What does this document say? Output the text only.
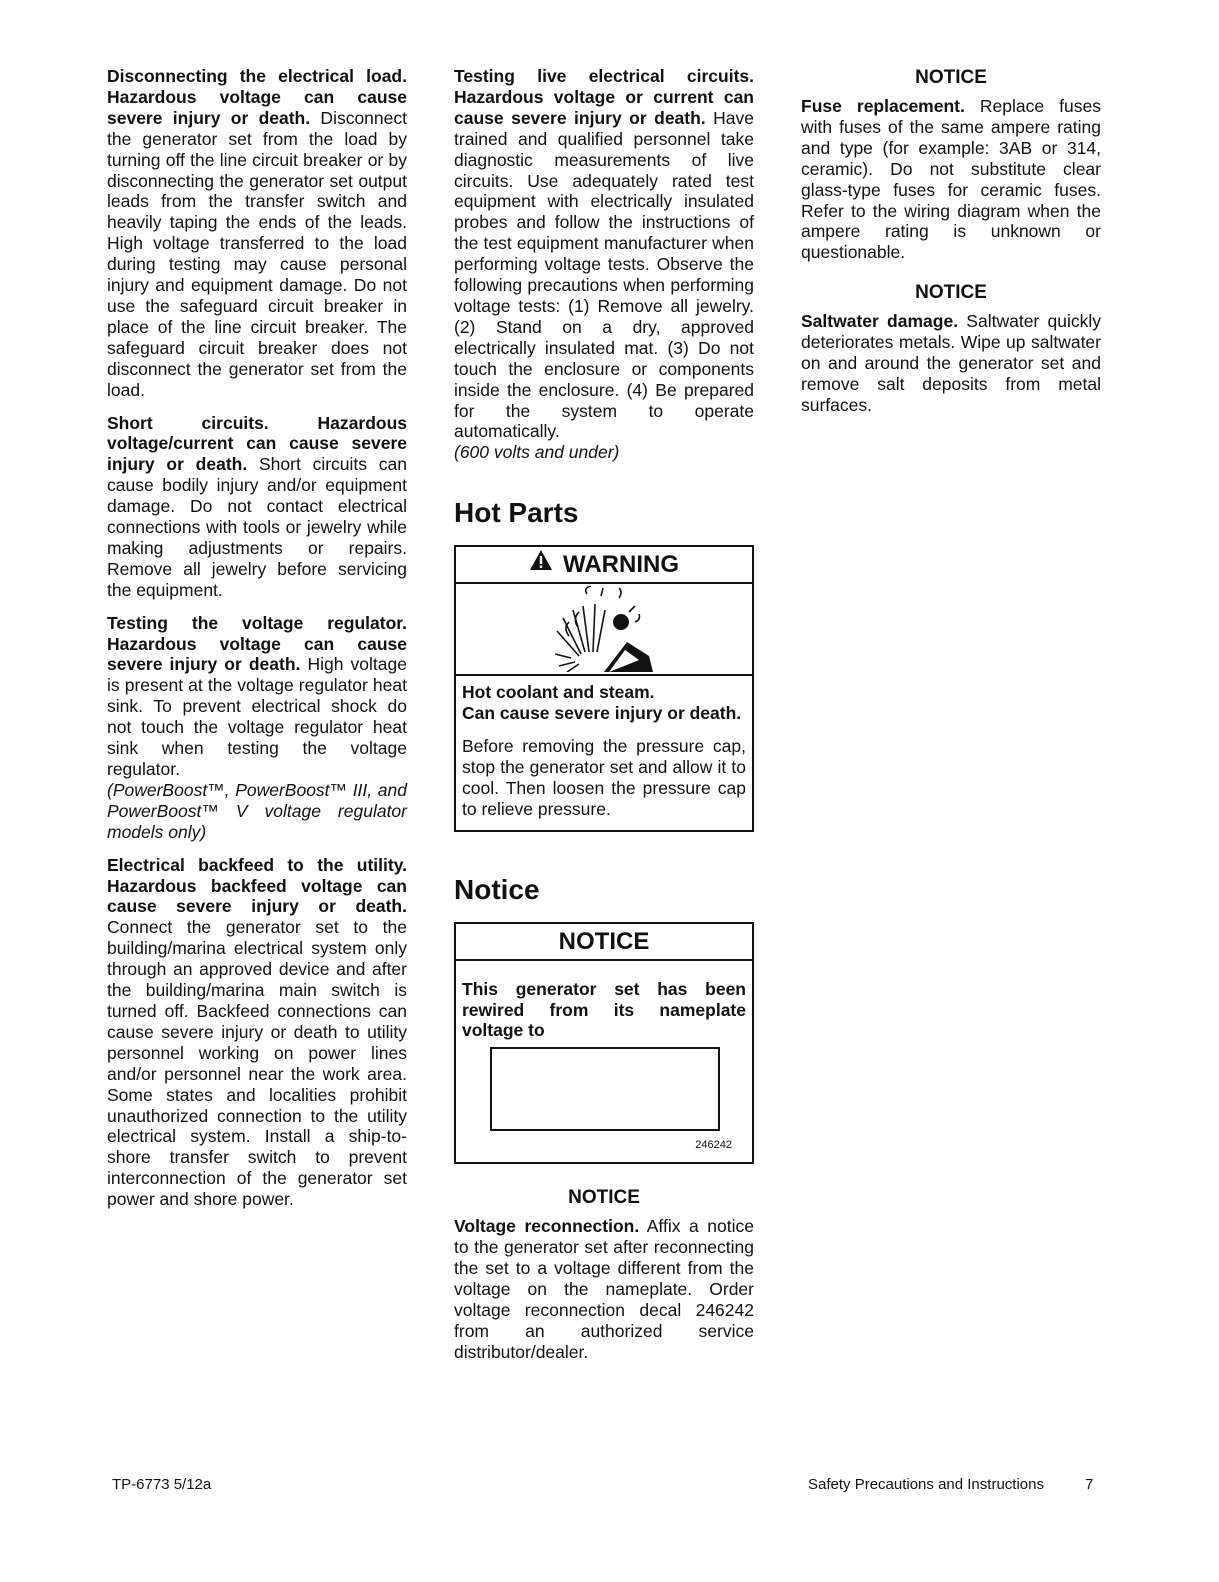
Disconnecting the electrical load. Hazardous voltage can cause severe injury or death. Disconnect the generator set from the load by turning off the line circuit breaker or by disconnecting the generator set output leads from the transfer switch and heavily taping the ends of the leads. High voltage transferred to the load during testing may cause personal injury and equipment damage. Do not use the safeguard circuit breaker in place of the line circuit breaker. The safeguard circuit breaker does not disconnect the generator set from the load.

Short circuits. Hazardous voltage/current can cause severe injury or death. Short circuits can cause bodily injury and/or equipment damage. Do not contact electrical connections with tools or jewelry while making adjustments or repairs. Remove all jewelry before servicing the equipment.

Testing the voltage regulator. Hazardous voltage can cause severe injury or death. High voltage is present at the voltage regulator heat sink. To prevent electrical shock do not touch the voltage regulator heat sink when testing the voltage regulator.
(PowerBoost™, PowerBoost™ III, and PowerBoost™ V voltage regulator models only)

Electrical backfeed to the utility. Hazardous backfeed voltage can cause severe injury or death. Connect the generator set to the building/marina electrical system only through an approved device and after the building/marina main switch is turned off. Backfeed connections can cause severe injury or death to utility personnel working on power lines and/or personnel near the work area. Some states and localities prohibit unauthorized connection to the utility electrical system. Install a ship-to-shore transfer switch to prevent interconnection of the generator set power and shore power.

Testing live electrical circuits. Hazardous voltage or current can cause severe injury or death. Have trained and qualified personnel take diagnostic measurements of live circuits. Use adequately rated test equipment with electrically insulated probes and follow the instructions of the test equipment manufacturer when performing voltage tests. Observe the following precautions when performing voltage tests: (1) Remove all jewelry. (2) Stand on a dry, approved electrically insulated mat. (3) Do not touch the enclosure or components inside the enclosure. (4) Be prepared for the system to operate automatically.
(600 volts and under)

Hot Parts
WARNING

Hot coolant and steam.
Can cause severe injury or death.

Before removing the pressure cap, stop the generator set and allow it to cool. Then loosen the pressure cap to relieve pressure.

Notice
NOTICE

This generator set has been rewired from its nameplate voltage to

246242
NOTICE

Voltage reconnection. Affix a notice to the generator set after reconnecting the set to a voltage different from the voltage on the nameplate. Order voltage reconnection decal 246242 from an authorized service distributor/dealer.

NOTICE

Fuse replacement. Replace fuses with fuses of the same ampere rating and type (for example: 3AB or 314, ceramic). Do not substitute clear glass-type fuses for ceramic fuses. Refer to the wiring diagram when the ampere rating is unknown or questionable.

NOTICE

Saltwater damage. Saltwater quickly deteriorates metals. Wipe up saltwater on and around the generator set and remove salt deposits from metal surfaces.

TP-6773 5/12a	Safety Precautions and Instructions	7
